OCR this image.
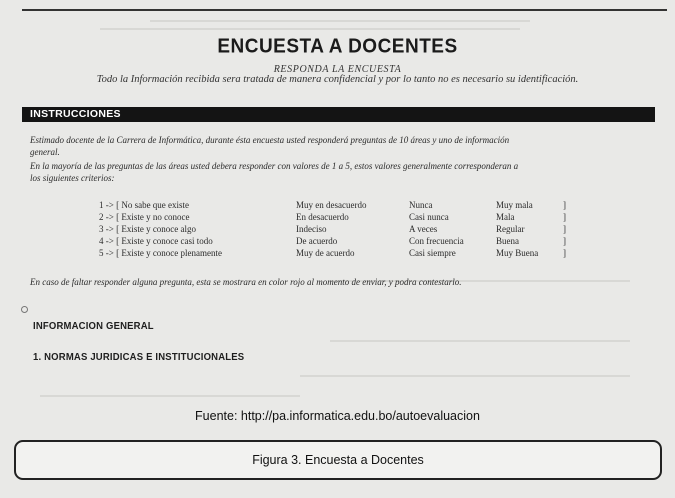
ENCUESTA A DOCENTES
RESPONDA LA ENCUESTA
Todo la Información recibida sera tratada de manera confidencial y por lo tanto no es necesario su identificación.
INSTRUCCIONES
Estimado docente de la Carrera de Informática, durante ésta encuesta usted responderá preguntas de 10 áreas y uno de información
general.
En la mayoría de las preguntas de las áreas usted debera responder con valores de 1 a 5, estos valores generalmente corresponderan a
los siguientes criterios:
1 -> [ No sabe que existe	Muy en desacuerdo	Nunca	Muy mala	]
2 -> [ Existe y no conoce	En desacuerdo	Casi nunca	Mala	]
3 -> [ Existe y conoce algo	Indeciso	A veces	Regular	]
4 -> [ Existe y conoce casi todo	De acuerdo	Con frecuencia	Buena	]
5 -> [ Existe y conoce plenamente	Muy de acuerdo	Casi siempre	Muy Buena	]
En caso de faltar responder alguna pregunta, esta se mostrara en color rojo al momento de enviar, y podra contestarlo.
INFORMACION GENERAL
1. NORMAS JURIDICAS E INSTITUCIONALES
Fuente: http://pa.informatica.edu.bo/autoevaluacion
Figura 3. Encuesta a Docentes
